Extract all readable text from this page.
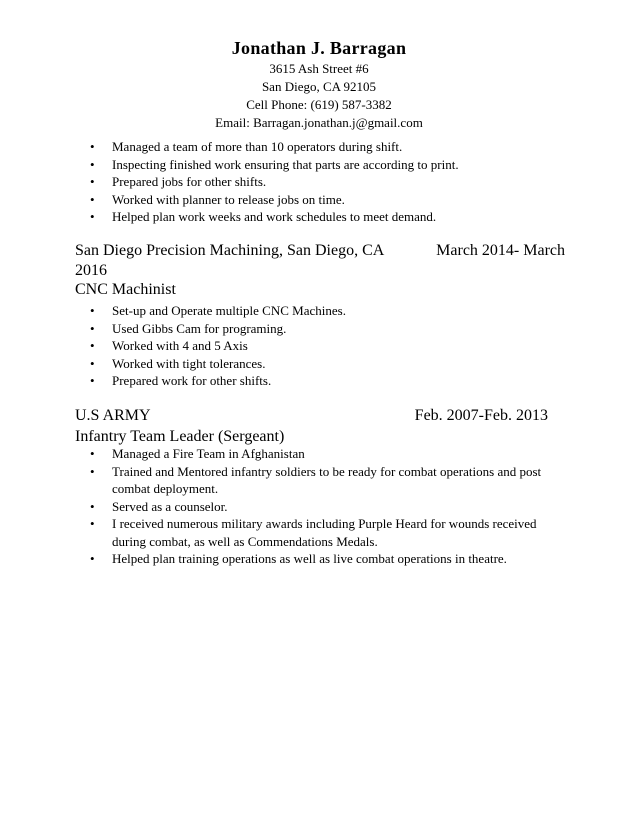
Jonathan J. Barragan
3615 Ash Street #6
San Diego, CA 92105
Cell Phone: (619) 587-3382
Email: Barragan.jonathan.j@gmail.com
• Managed a team of more than 10 operators during shift.
• Inspecting finished work ensuring that parts are according to print.
• Prepared jobs for other shifts.
• Worked with planner to release jobs on time.
• Helped plan work weeks and work schedules to meet demand.
San Diego Precision Machining, San Diego, CA	March 2014- March
2016
CNC Machinist
• Set-up and Operate multiple CNC Machines.
• Used Gibbs Cam for programing.
• Worked with 4 and 5 Axis
• Worked with tight tolerances.
• Prepared work for other shifts.
U.S ARMY	Feb. 2007-Feb. 2013
Infantry Team Leader (Sergeant)
• Managed a Fire Team in Afghanistan
• Trained and Mentored infantry soldiers to be ready for combat operations and post combat deployment.
• Served as a counselor.
• I received numerous military awards including Purple Heard for wounds received during combat, as well as Commendations Medals.
• Helped plan training operations as well as live combat operations in theatre.
